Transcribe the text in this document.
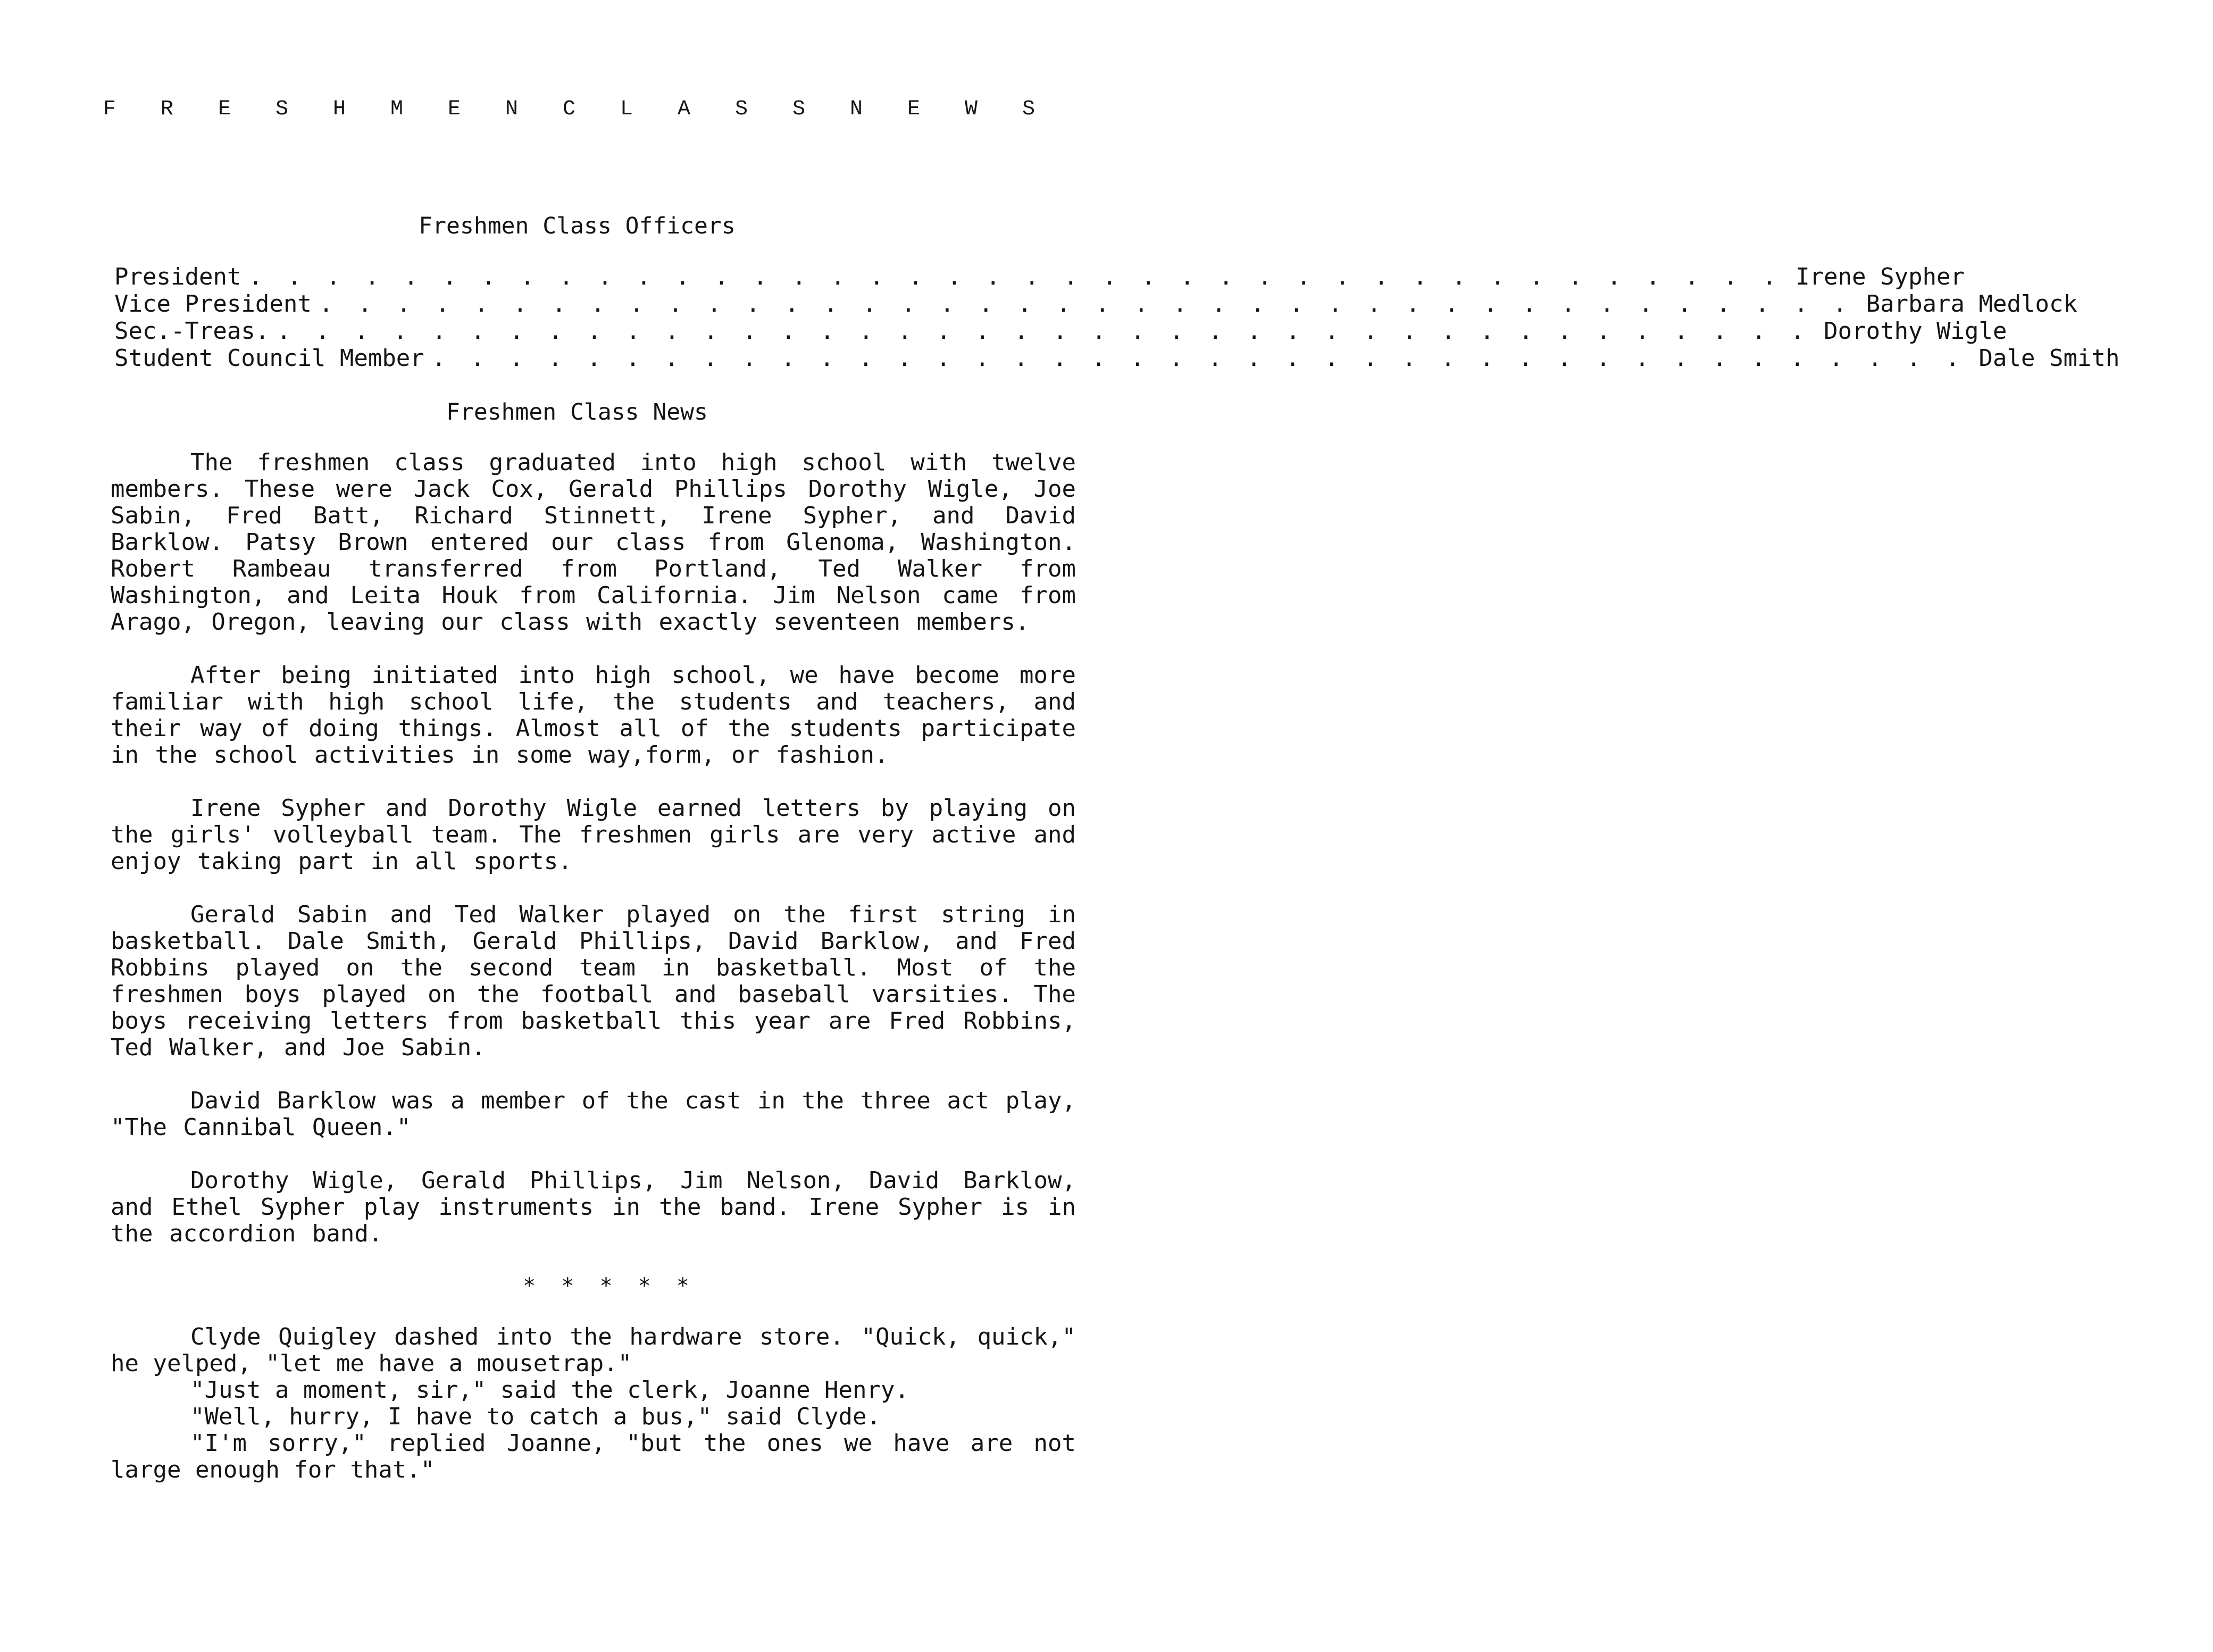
F R E S H M E N C L A S S N E W S
Freshmen Class Officers
President . . . . . . . . . . . . . . . . . . . . . . . . . . . . . . . . . . . . . . . . Irene Sypher
Vice President . . . . . . . . . . . . . . . . . . . . . . . . . . . . . . . . . . . . . . . . Barbara Medlock
Sec.-Treas. . . . . . . . . . . . . . . . . . . . . . . . . . . . . . . . . . . . . . . . . Dorothy Wigle
Student Council Member . . . . . . . . . . . . . . . . . . . . . . . . . . . . . . . . . . . . . . . . Dale Smith
Freshmen Class News

The freshmen class graduated into high school with twelve members. These were Jack Cox, Gerald Phillips Dorothy Wigle, Joe Sabin, Fred Batt, Richard Stinnett, Irene Sypher, and David Barklow. Patsy Brown entered our class from Glenoma, Washington. Robert Rambeau transferred from Portland, Ted Walker from Washington, and Leita Houk from California. Jim Nelson came from Arago, Oregon, leaving our class with exactly seventeen members.

After being initiated into high school, we have become more familiar with high school life, the students and teachers, and their way of doing things. Almost all of the students participate in the school activities in some way,form, or fashion.

Irene Sypher and Dorothy Wigle earned letters by playing on the girls' volleyball team. The freshmen girls are very active and enjoy taking part in all sports.

Gerald Sabin and Ted Walker played on the first string in basketball. Dale Smith, Gerald Phillips, David Barklow, and Fred Robbins played on the second team in basketball. Most of the freshmen boys played on the football and baseball varsities. The boys receiving letters from basketball this year are Fred Robbins, Ted Walker, and Joe Sabin.

David Barklow was a member of the cast in the three act play, "The Cannibal Queen."

Dorothy Wigle, Gerald Phillips, Jim Nelson, David Barklow, and Ethel Sypher play instruments in the band. Irene Sypher is in the accordion band.

* * * * *

Clyde Quigley dashed into the hardware store. "Quick, quick," he yelped, "let me have a mousetrap."

"Just a moment, sir," said the clerk, Joanne Henry.

"Well, hurry, I have to catch a bus," said Clyde.

"I'm sorry," replied Joanne, "but the ones we have are not large enough for that."
